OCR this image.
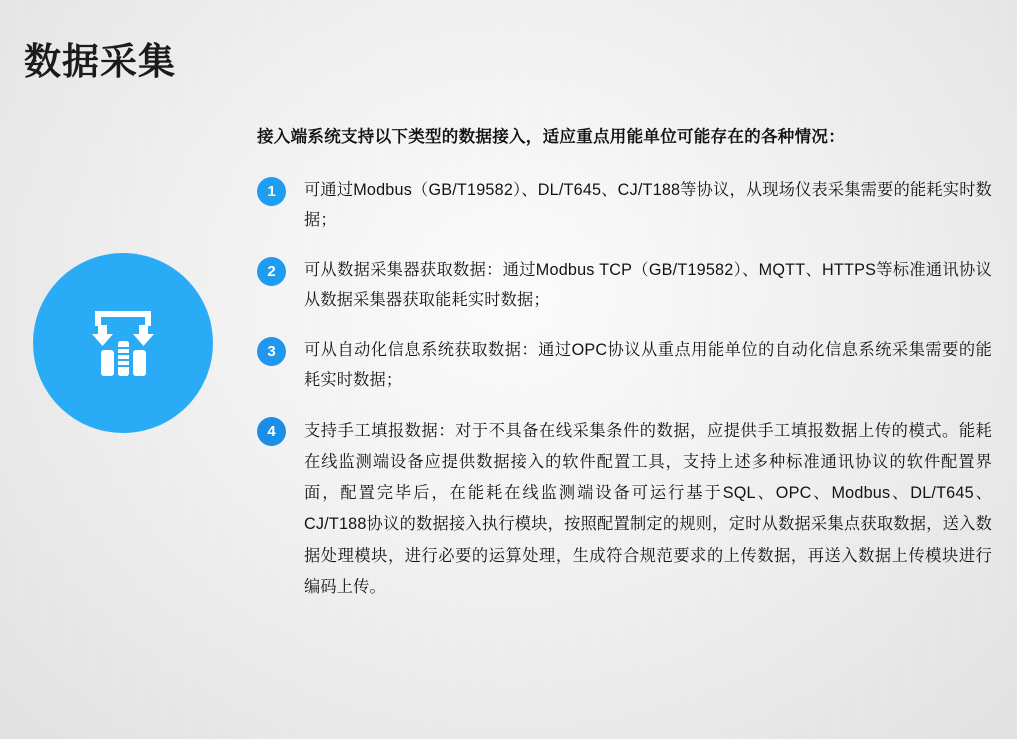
数据采集
接入端系统支持以下类型的数据接入，适应重点用能单位可能存在的各种情况：
1	可通过Modbus（GB/T19582）、DL/T645、CJ/T188等协议，从现场仪表采集需要的能耗实时数据；
2	可从数据采集器获取数据：通过Modbus TCP（GB/T19582）、MQTT、HTTPS等标准通讯协议从数据采集器获取能耗实时数据；
3	可从自动化信息系统获取数据：通过OPC协议从重点用能单位的自动化信息系统采集需要的能耗实时数据；
4	支持手工填报数据：对于不具备在线采集条件的数据，应提供手工填报数据上传的模式。能耗在线监测端设备应提供数据接入的软件配置工具，支持上述多种标准通讯协议的软件配置界面，配置完毕后，在能耗在线监测端设备可运行基于SQL、OPC、Modbus、DL/T645、CJ/T188协议的数据接入执行模块，按照配置制定的规则，定时从数据采集点获取数据，送入数据处理模块，进行必要的运算处理，生成符合规范要求的上传数据，再送入数据上传模块进行编码上传。
